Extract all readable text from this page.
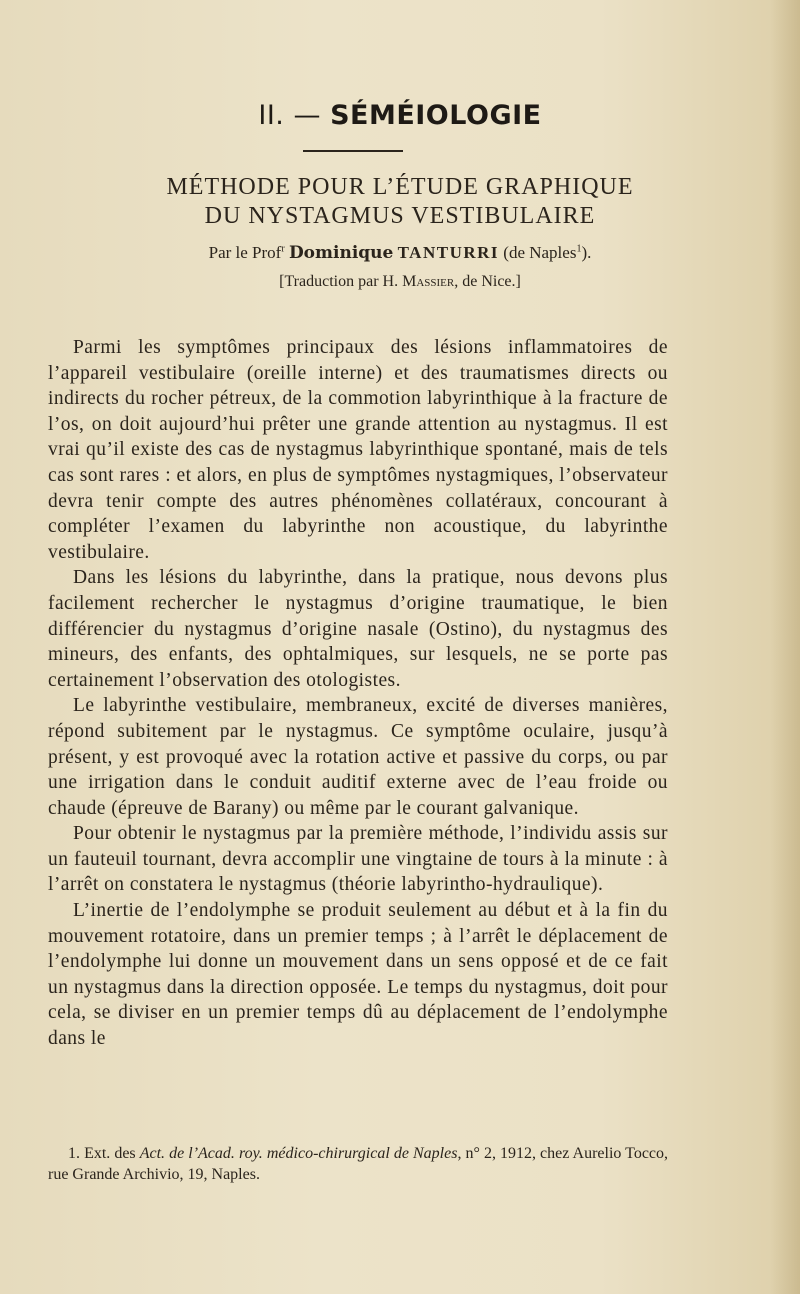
II. — SÉMÉIOLOGIE
MÉTHODE POUR L’ÉTUDE GRAPHIQUE
DU NYSTAGMUS VESTIBULAIRE
Par le Prof$^r$ Dominique TANTURRI (de Naples$^1$).
[Traduction par H. Massier, de Nice.]

Parmi les symptômes principaux des lésions inflammatoires de l’appareil vestibulaire (oreille interne) et des traumatismes directs ou indirects du rocher pétreux, de la commotion labyrinthique à la fracture de l’os, on doit aujourd’hui prêter une grande attention au nystagmus. Il est vrai qu’il existe des cas de nystagmus labyrinthique spontané, mais de tels cas sont rares : et alors, en plus de symptômes nystagmiques, l’observateur devra tenir compte des autres phénomènes collatéraux, concourant à compléter l’examen du labyrinthe non acoustique, du labyrinthe vestibulaire.

Dans les lésions du labyrinthe, dans la pratique, nous devons plus facilement rechercher le nystagmus d’origine traumatique, le bien différencier du nystagmus d’origine nasale (Ostino), du nystagmus des mineurs, des enfants, des ophtalmiques, sur lesquels, ne se porte pas certainement l’observation des otologistes.

Le labyrinthe vestibulaire, membraneux, excité de diverses manières, répond subitement par le nystagmus. Ce symptôme oculaire, jusqu’à présent, y est provoqué avec la rotation active et passive du corps, ou par une irrigation dans le conduit auditif externe avec de l’eau froide ou chaude (épreuve de Barany) ou même par le courant galvanique.

Pour obtenir le nystagmus par la première méthode, l’individu assis sur un fauteuil tournant, devra accomplir une vingtaine de tours à la minute : à l’arrêt on constatera le nystagmus (théorie labyrintho-hydraulique).

L’inertie de l’endolymphe se produit seulement au début et à la fin du mouvement rotatoire, dans un premier temps ; à l’arrêt le déplacement de l’endolymphe lui donne un mouvement dans un sens opposé et de ce fait un nystagmus dans la direction opposée. Le temps du nystagmus, doit pour cela, se diviser en un premier temps dû au déplacement de l’endolymphe dans le

1. Ext. des Act. de l’Acad. roy. médico-chirurgical de Naples, n° 2, 1912, chez Aurelio Tocco, rue Grande Archivio, 19, Naples.
